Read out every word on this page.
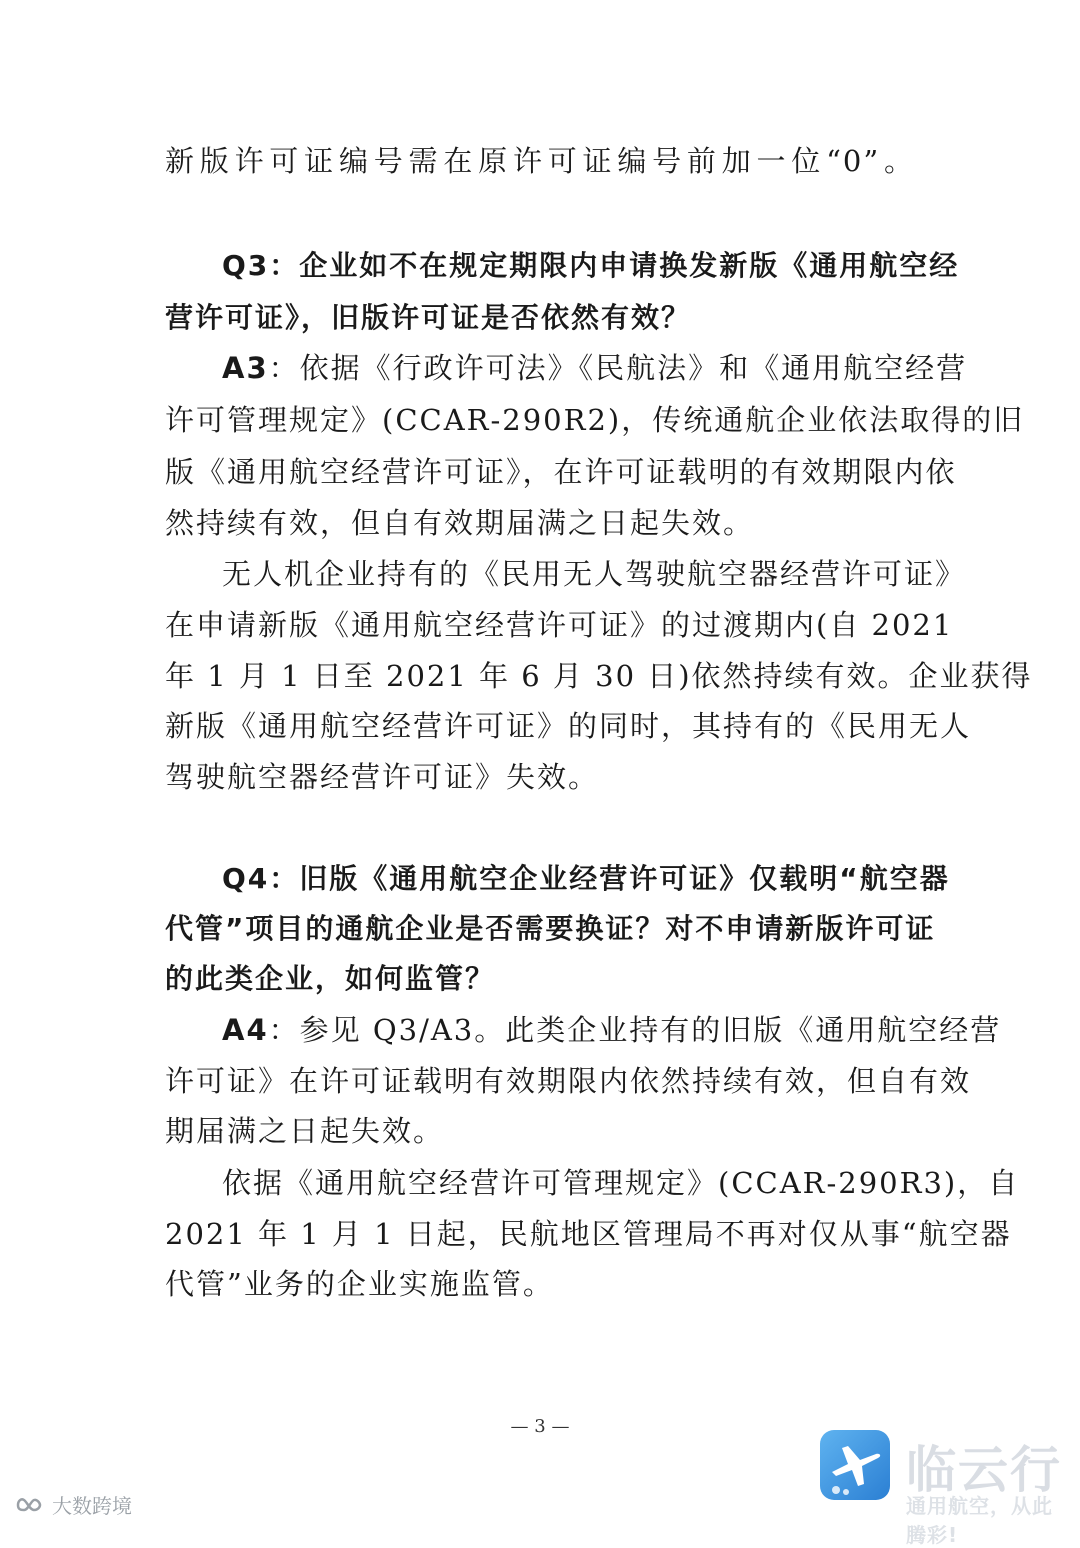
新版许可证编号需在原许可证编号前加一位“0”。
Q3：企业如不在规定期限内申请换发新版《通用航空经
营许可证》，旧版许可证是否依然有效？
A3：依据《行政许可法》《民航法》和《通用航空经营
许可管理规定》(CCAR-290R2)，传统通航企业依法取得的旧
版《通用航空经营许可证》，在许可证载明的有效期限内依
然持续有效，但自有效期届满之日起失效。
无人机企业持有的《民用无人驾驶航空器经营许可证》
在申请新版《通用航空经营许可证》的过渡期内(自 2021
年 1 月 1 日至 2021 年 6 月 30 日)依然持续有效。企业获得
新版《通用航空经营许可证》的同时，其持有的《民用无人
驾驶航空器经营许可证》失效。
Q4：旧版《通用航空企业经营许可证》仅载明“航空器
代管”项目的通航企业是否需要换证？对不申请新版许可证
的此类企业，如何监管？
A4：参见 Q3/A3。此类企业持有的旧版《通用航空经营
许可证》在许可证载明有效期限内依然持续有效，但自有效
期届满之日起失效。
依据《通用航空经营许可管理规定》(CCAR-290R3)，自
2021 年 1 月 1 日起，民航地区管理局不再对仅从事“航空器
代管”业务的企业实施监管。
— 3 —
大数跨境
临云行
通用航空，从此腾彩!
